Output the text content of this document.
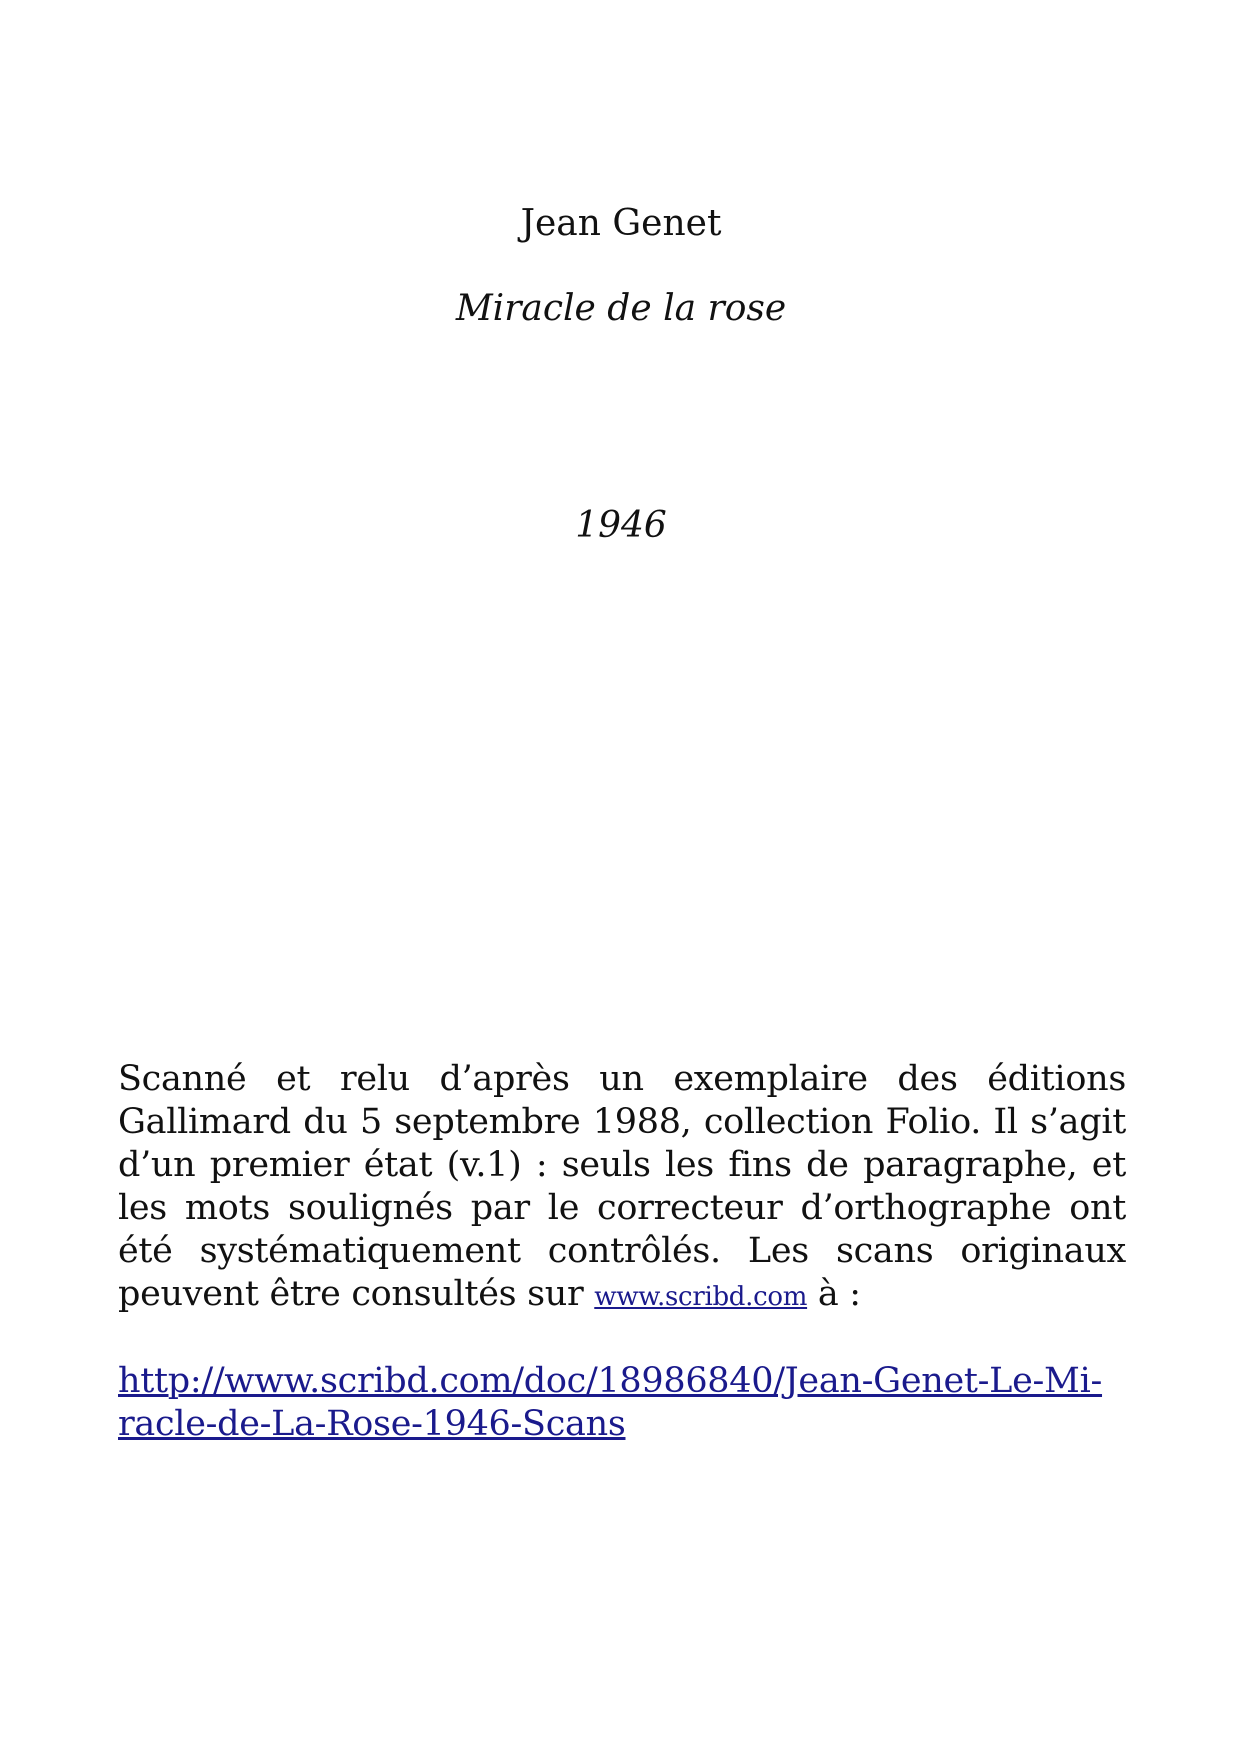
Jean Genet
Miracle de la rose
1946
Scanné et relu d’après un exemplaire des éditions Gallimard du 5 septembre 1988, collection Folio. Il s’agit d’un premier état (v.1) : seuls les fins de paragraphe, et les mots soulignés par le correcteur d’orthographe ont été systématiquement contrôlés. Les scans originaux peuvent être consultés sur www.scribd.com à :
http://www.scribd.com/doc/18986840/Jean-Genet-Le-Mi-
racle-de-La-Rose-1946-Scans
